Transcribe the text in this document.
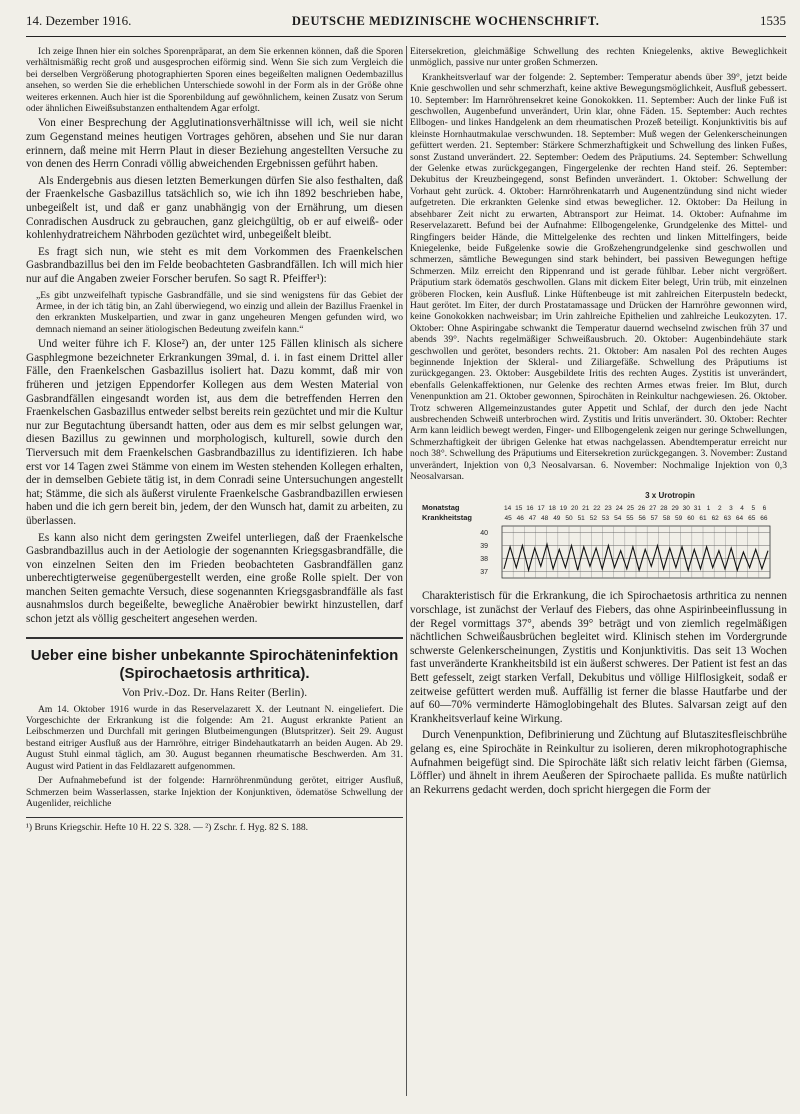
14. Dezember 1916.	DEUTSCHE MEDIZINISCHE WOCHENSCHRIFT.	1535

Ich zeige Ihnen hier ein solches Sporenpräparat, an dem Sie erkennen können, daß die Sporen verhältnismäßig recht groß und ausgesprochen eiförmig sind. Wenn Sie sich zum Vergleich die bei derselben Vergrößerung photographierten Sporen eines begeißelten malignen Oedembazillus ansehen, so werden Sie die erheblichen Unterschiede sowohl in der Form als in der Größe ohne weiteres erkennen. Auch hier ist die Sporenbildung auf gewöhnlichem, keinen Zusatz von Serum oder ähnlichen Eiweißsubstanzen enthaltendem Agar erfolgt.

Von einer Besprechung der Agglutinationsverhältnisse will ich, weil sie nicht zum Gegenstand meines heutigen Vortrages gehören, absehen und Sie nur daran erinnern, daß meine mit Herrn Plaut in dieser Beziehung angestellten Versuche zu von denen des Herrn Conradi völlig abweichenden Ergebnissen geführt haben.

Als Endergebnis aus diesen letzten Bemerkungen dürfen Sie also festhalten, daß der Fraenkelsche Gasbazillus tatsächlich so, wie ich ihn 1892 beschrieben habe, unbegeißelt ist, und daß er ganz unabhängig von der Ernährung, um diesen Conradischen Ausdruck zu gebrauchen, ganz gleichgültig, ob er auf eiweiß- oder kohlenhydratreichem Nährboden gezüchtet wird, unbegeißelt bleibt.

Es fragt sich nun, wie steht es mit dem Vorkommen des Fraenkelschen Gasbrandbazillus bei den im Felde beobachteten Gasbrandfällen. Ich will mich hier nur auf die Angaben zweier Forscher berufen. So sagt R. Pfeiffer¹):

„Es gibt unzweifelhaft typische Gasbrandfälle, und sie sind wenigstens für das Gebiet der Armee, in der ich tätig bin, an Zahl überwiegend, wo einzig und allein der Bazillus Fraenkel in den erkrankten Muskelpartien, und zwar in ganz ungeheuren Mengen gefunden wird, wo demnach niemand an seiner ätiologischen Bedeutung zweifeln kann.“

Und weiter führe ich F. Klose²) an, der unter 125 Fällen klinisch als sichere Gasphlegmone bezeichneter Erkrankungen 39mal, d. i. in fast einem Drittel aller Fälle, den Fraenkelschen Gasbazillus isoliert hat. Dazu kommt, daß mir von früheren und jetzigen Eppendorfer Kollegen aus dem Westen Material von Gasbrandfällen eingesandt worden ist, aus dem die betreffenden Herren den Fraenkelschen Gasbazillus entweder selbst bereits rein gezüchtet und mir die Kultur nur zur Begutachtung übersandt hatten, oder aus dem es mir selbst gelungen war, diesen Bazillus zu gewinnen und morphologisch, kulturell, sowie durch den Tierversuch mit dem Fraenkelschen Gasbrandbazillus zu identifizieren. Ich habe erst vor 14 Tagen zwei Stämme von einem im Westen stehenden Kollegen erhalten, der in demselben Gebiete tätig ist, in dem Conradi seine Untersuchungen angestellt hat; Stämme, die sich als äußerst virulente Fraenkelsche Gasbrandbazillen erwiesen haben und die ich gern bereit bin, jedem, der den Wunsch hat, damit zu arbeiten, zu überlassen.

Es kann also nicht dem geringsten Zweifel unterliegen, daß der Fraenkelsche Gasbrandbazillus auch in der Aetiologie der sogenannten Kriegsgasbrandfälle, die von einzelnen Seiten den im Frieden beobachteten Gasbrandfällen ganz unberechtigterweise gegenübergestellt werden, eine große Rolle spielt. Der von manchen Seiten gemachte Versuch, diese sogenannten Kriegsgasbrandfälle als fast ausnahmslos durch begeißelte, bewegliche Anaërobier bewirkt hinzustellen, darf schon jetzt als völlig gescheitert angesehen werden.

Ueber eine bisher unbekannte Spirochäteninfektion (Spirochaetosis arthritica).
Von Priv.-Doz. Dr. Hans Reiter (Berlin).

Am 14. Oktober 1916 wurde in das Reservelazarett X. der Leutnant N. eingeliefert. Die Vorgeschichte der Erkrankung ist die folgende: Am 21. August erkrankte Patient an Leibschmerzen und Durchfall mit geringen Blutbeimengungen (Blutspritzer). Seit 29. August bestand eitriger Ausfluß aus der Harnröhre, eitriger Bindehautkatarrh an beiden Augen. Ab 29. August Stuhl einmal täglich, am 30. August begannen rheumatische Beschwerden. Am 31. August wird Patient in das Feldlazarett aufgenommen.

Der Aufnahmebefund ist der folgende: Harnröhrenmündung gerötet, eitriger Ausfluß, Schmerzen beim Wasserlassen, starke Injektion der Konjunktiven, ödematöse Schwellung der Augenlider, reichliche

¹) Bruns Kriegschir. Hefte 10 H. 22 S. 328. — ²) Zschr. f. Hyg. 82 S. 188.

Eitersekretion, gleichmäßige Schwellung des rechten Kniegelenks, aktive Beweglichkeit unmöglich, passive nur unter großen Schmerzen.

Krankheitsverlauf war der folgende: 2. September: Temperatur abends über 39°, jetzt beide Knie geschwollen und sehr schmerzhaft, keine aktive Bewegungsmöglichkeit, Ausfluß gebessert. 10. September: Im Harnröhrensekret keine Gonokokken. 11. September: Auch der linke Fuß ist geschwollen, Augenbefund unverändert, Urin klar, ohne Fäden. 15. September: Auch rechtes Ellbogen- und linkes Handgelenk an dem rheumatischen Prozeß beteiligt. Konjunktivitis bis auf kleinste Hornhautmakulae verschwunden. 18. September: Muß wegen der Gelenkerscheinungen gefüttert werden. 21. September: Stärkere Schmerzhaftigkeit und Schwellung des linken Fußes, sonst Zustand unverändert. 22. September: Oedem des Präputiums. 24. September: Schwellung der Gelenke etwas zurückgegangen, Fingergelenke der rechten Hand steif. 26. September: Dekubitus der Kreuzbeingegend, sonst Befinden unverändert. 1. Oktober: Schwellung der Vorhaut geht zurück. 4. Oktober: Harnröhrenkatarrh und Augenentzündung sind nicht wieder aufgetreten. Die erkrankten Gelenke sind etwas beweglicher. 12. Oktober: Da Heilung in absehbarer Zeit nicht zu erwarten, Abtransport zur Heimat. 14. Oktober: Aufnahme im Reservelazarett. Befund bei der Aufnahme: Ellbogengelenke, Grundgelenke des Mittel- und Ringfingers beider Hände, die Mittelgelenke des rechten und linken Mittelfingers, beide Kniegelenke, beide Fußgelenke sowie die Großzehengrundgelenke sind geschwollen und schmerzen, sämtliche Bewegungen sind stark behindert, bei passiven Bewegungen heftige Schmerzen. Milz erreicht den Rippenrand und ist gerade fühlbar. Leber nicht vergrößert. Präputium stark ödematös geschwollen. Glans mit dickem Eiter belegt, Urin trüb, mit einzelnen gröberen Flocken, kein Ausfluß. Linke Hüftenbeuge ist mit zahlreichen Eiterpusteln bedeckt, Haut gerötet. Im Eiter, der durch Prostatamassage und Drücken der Harnröhre gewonnen wird, keine Gonokokken nachweisbar; im Urin zahlreiche Epithelien und zahlreiche Leukozyten. 17. Oktober: Ohne Aspiringabe schwankt die Temperatur dauernd wechselnd zwischen früh 37 und abends 39°. Nachts regelmäßiger Schweißausbruch. 20. Oktober: Augenbindehäute stark geschwollen und gerötet, besonders rechts. 21. Oktober: Am nasalen Pol des rechten Auges beginnende Injektion der Skleral- und Ziliargefäße. Schwellung des Präputiums ist zurückgegangen. 23. Oktober: Ausgebildete Iritis des rechten Auges. Zystitis ist unverändert, ebenfalls Gelenkaffektionen, nur Gelenke des rechten Armes etwas freier. Im Blut, durch Venenpunktion am 21. Oktober gewonnen, Spirochäten in Reinkultur nachgewiesen. 26. Oktober. Trotz schweren Allgemeinzustandes guter Appetit und Schlaf, der durch den jede Nacht ausbrechenden Schweiß unterbrochen wird. Zystitis und Iritis unverändert. 30. Oktober: Rechter Arm kann leidlich bewegt werden, Finger- und Ellbogengelenk zeigen nur geringe Schwellungen, Schmerzhaftigkeit der übrigen Gelenke hat etwas nachgelassen. Abendtemperatur erreicht nur noch 38°. Schwellung des Präputiums und Eitersekretion zurückgegangen. 3. November: Zustand unverändert, Injektion von 0,3 Neosalvarsan. 6. November: Nochmalige Injektion von 0,3 Neosalvarsan.

3 x Urotropin
Monatstag
Krankheitstag
14 15 16 17 18 19 20 21 22 23 24 25 26 27 28 29 30 31 1 2 3 4 5 6
45 46 47 48 49 50 51 52 53 54 55 56 57 58 59 60 61 62 63 64 65 66
40
39
38
37

Charakteristisch für die Erkrankung, die ich Spirochaetosis arthritica zu nennen vorschlage, ist zunächst der Verlauf des Fiebers, das ohne Aspirinbeeinflussung in der Regel vormittags 37°, abends 39° beträgt und von ziemlich regelmäßigen nächtlichen Schweißausbrüchen begleitet wird. Klinisch stehen im Vordergrunde schwerste Gelenkerscheinungen, Zystitis und Konjunktivitis. Das seit 13 Wochen fast unveränderte Krankheitsbild ist ein äußerst schweres. Der Patient ist fest an das Bett gefesselt, zeigt starken Verfall, Dekubitus und völlige Hilflosigkeit, sodaß er zeitweise gefüttert werden muß. Auffällig ist ferner die blasse Hautfarbe und der auf 60—70% verminderte Hämoglobingehalt des Blutes. Salvarsan zeigt auf den Krankheitsverlauf keine Wirkung.

Durch Venenpunktion, Defibrinierung und Züchtung auf Blutaszitesfleischbrühe gelang es, eine Spirochäte in Reinkultur zu isolieren, deren mikrophotographische Aufnahmen beigefügt sind. Die Spirochäte läßt sich relativ leicht färben (Giemsa, Löffler) und ähnelt in ihrem Aeußeren der Spirochaete pallida. Es mußte natürlich an Rekurrens gedacht werden, doch spricht hiergegen die Form der
